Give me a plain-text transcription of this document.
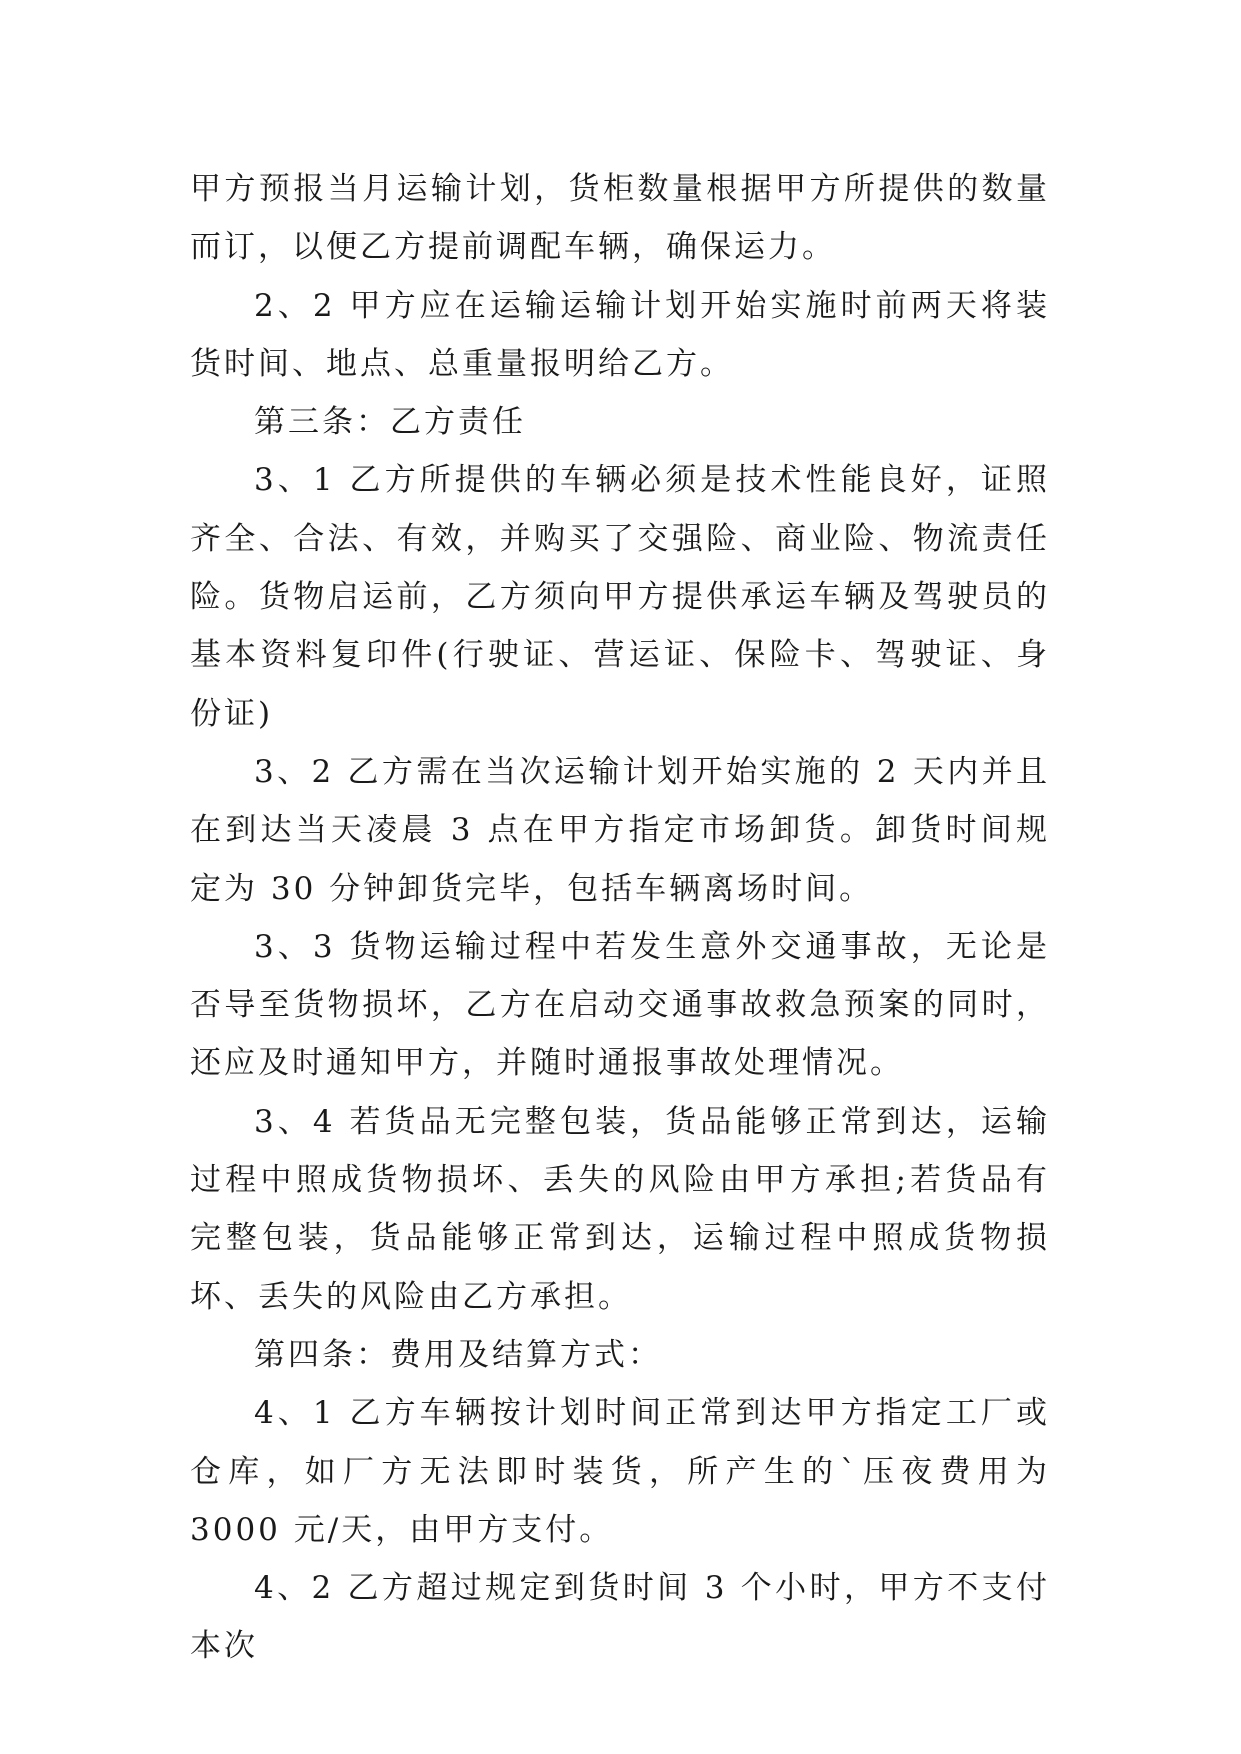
甲方预报当月运输计划，货柜数量根据甲方所提供的数量而订，以便乙方提前调配车辆，确保运力。

2、2 甲方应在运输运输计划开始实施时前两天将装货时间、地点、总重量报明给乙方。

第三条：乙方责任

3、1 乙方所提供的车辆必须是技术性能良好，证照齐全、合法、有效，并购买了交强险、商业险、物流责任险。货物启运前，乙方须向甲方提供承运车辆及驾驶员的基本资料复印件(行驶证、营运证、保险卡、驾驶证、身份证)

3、2 乙方需在当次运输计划开始实施的 2 天内并且在到达当天凌晨 3 点在甲方指定市场卸货。卸货时间规定为 30 分钟卸货完毕，包括车辆离场时间。

3、3 货物运输过程中若发生意外交通事故，无论是否导至货物损坏，乙方在启动交通事故救急预案的同时，还应及时通知甲方，并随时通报事故处理情况。

3、4 若货品无完整包装，货品能够正常到达，运输过程中照成货物损坏、丢失的风险由甲方承担;若货品有完整包装，货品能够正常到达，运输过程中照成货物损坏、丢失的风险由乙方承担。

第四条：费用及结算方式：

4、1 乙方车辆按计划时间正常到达甲方指定工厂或仓库，如厂方无法即时装货，所产生的`压夜费用为 3000 元/天，由甲方支付。

4、2 乙方超过规定到货时间 3 个小时，甲方不支付本次
